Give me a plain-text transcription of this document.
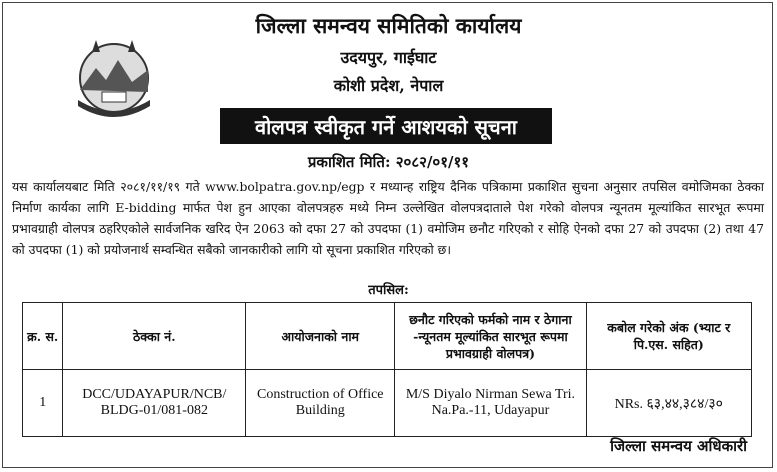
जिल्ला समन्वय समितिको कार्यालय
उदयपुर, गाईघाट
कोशी प्रदेश, नेपाल
वोलपत्र स्वीकृत गर्ने आशयको सूचना
प्रकाशित मिति: २०८२/०१/११
यस कार्यालयबाट मिति २०८१/११/१९ गते www.bolpatra.gov.np/egp र मध्यान्ह राष्ट्रिय दैनिक पत्रिकामा प्रकाशित सुचना अनुसार तपसिल वमोजिमका ठेक्का निर्माण कार्यका लागि E-bidding मार्फत पेश हुन आएका वोलपत्रहरु मध्ये निम्न उल्लेखित वोलपत्रदाताले पेश गरेको वोलपत्र न्यूनतम मूल्यांकित सारभूत रूपमा प्रभावग्राही वोलपत्र ठहरिएकोले सार्वजनिक खरिद ऐन 2063 को दफा 27 को उपदफा (1) वमोजिम छनौट गरिएको र सोहि ऐनको दफा 27 को उपदफा (2) तथा 47 को उपदफा (1) को प्रयोजनार्थ सम्वन्धित सबैको जानकारीको लागि यो सूचना प्रकाशित गरिएको छ।
तपसिल:
क्र. स.	ठेक्का नं.	आयोजनाको नाम	छनौट गरिएको फर्मको नाम र ठेगाना -न्यूनतम मूल्यांकित सारभूत रूपमा प्रभावग्राही वोलपत्र)	कबोल गरेको अंक (भ्याट र पि.एस. सहित)
1	DCC/UDAYAPUR/NCB/ BLDG-01/081-082	Construction of Office Building	M/S Diyalo Nirman Sewa Tri. Na.Pa.-11, Udayapur	NRs. ६३,४४,३८४/३०
जिल्ला समन्वय अधिकारी
